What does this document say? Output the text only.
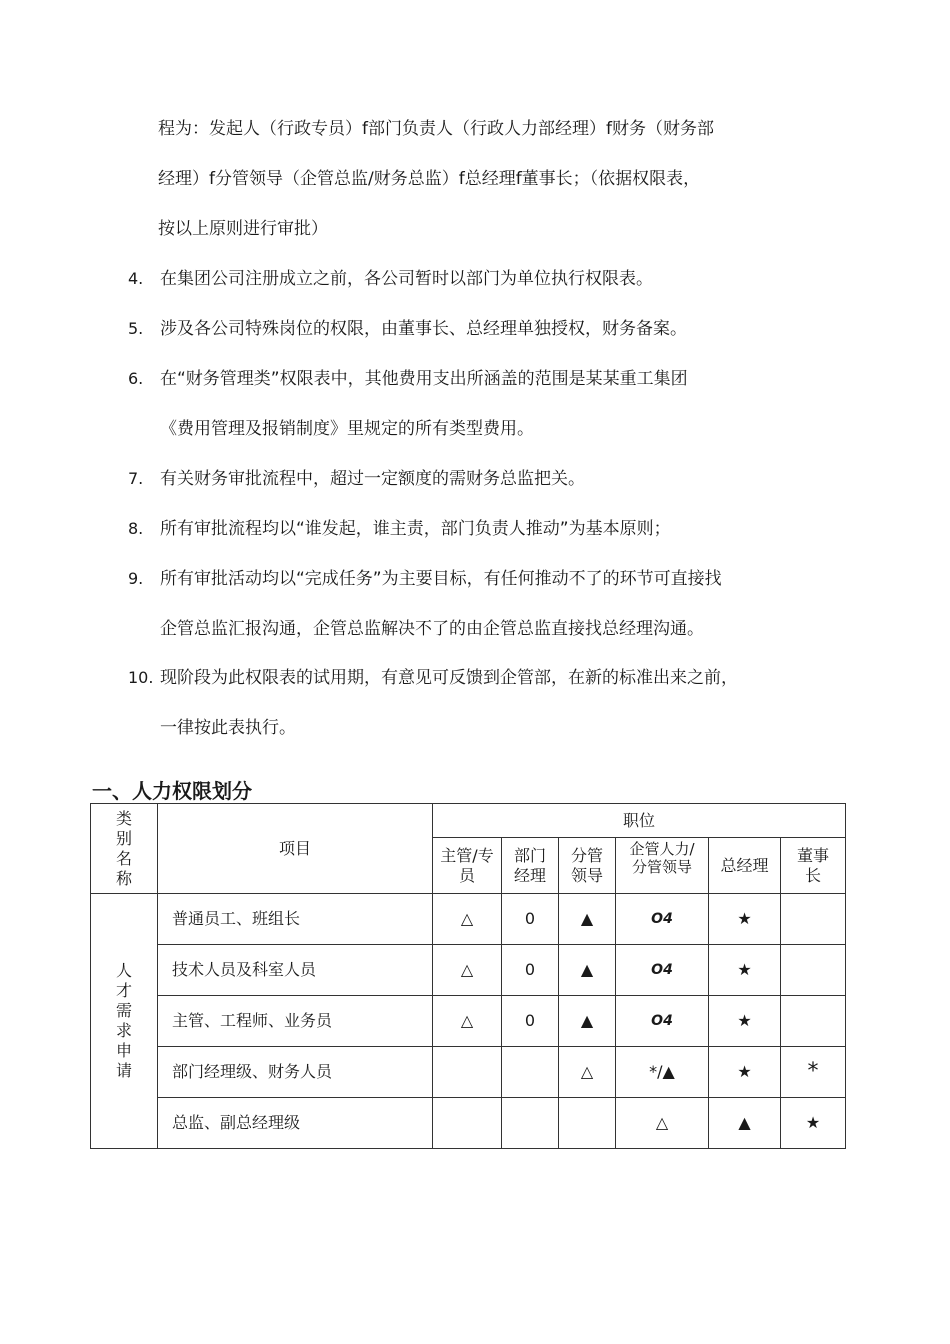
程为：发起人（行政专员）f部门负责人（行政人力部经理）f财务（财务部
经理）f分管领导（企管总监/财务总监）f总经理f董事长；（依据权限表，
按以上原则进行审批）
4. 在集团公司注册成立之前，各公司暂时以部门为单位执行权限表。
5. 涉及各公司特殊岗位的权限，由董事长、总经理单独授权，财务备案。
6. 在“财务管理类”权限表中，其他费用支出所涵盖的范围是某某重工集团
《费用管理及报销制度》里规定的所有类型费用。
7. 有关财务审批流程中，超过一定额度的需财务总监把关。
8. 所有审批流程均以“谁发起，谁主责，部门负责人推动”为基本原则；
9. 所有审批活动均以“完成任务”为主要目标，有任何推动不了的环节可直接找
企管总监汇报沟通，企管总监解决不了的由企管总监直接找总经理沟通。
10. 现阶段为此权限表的试用期，有意见可反馈到企管部，在新的标准出来之前，
一律按此表执行。
一、人力权限划分
类别名称	项目	职位					
		主管/专员	部门经理	分管领导	企管人力/分管领导	总经理	董事长
人才需求申请	普通员工、班组长	△	0	▲	O4	★	
	技术人员及科室人员	△	0	▲	O4	★	
	主管、工程师、业务员	△	0	▲	O4	★	
	部门经理级、财务人员			△	*/▲	★	*
	总监、副总经理级				△	▲	★
